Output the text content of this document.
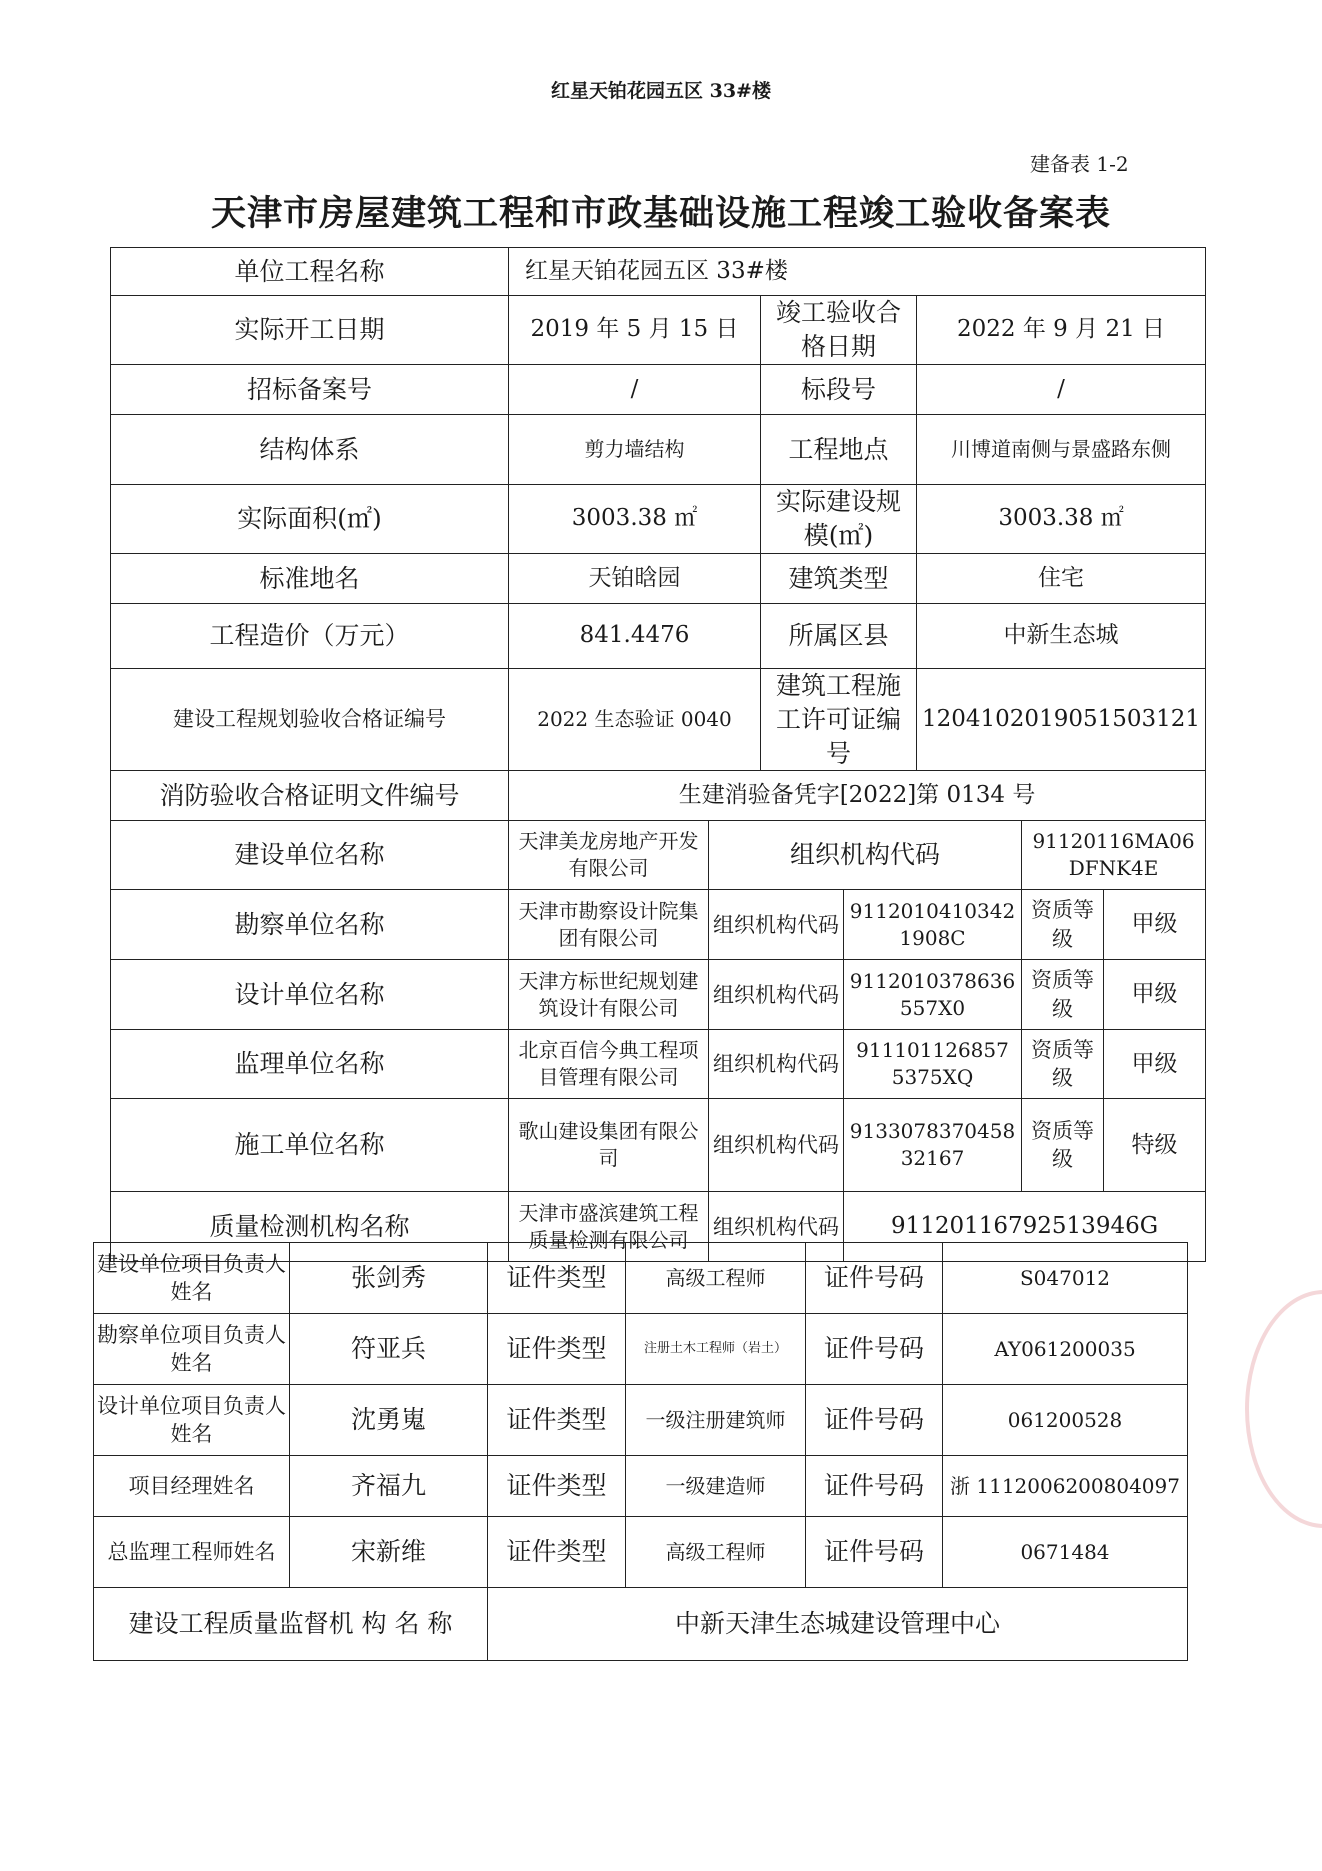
红星天铂花园五区 33#楼
建备表 1-2
天津市房屋建筑工程和市政基础设施工程竣工验收备案表
单位工程名称	红星天铂花园五区 33#楼						
实际开工日期	2019 年 5 月 15 日		竣工验收合格日期		2022 年 9 月 21 日		
招标备案号	/		标段号		/		
结构体系	剪力墙结构		工程地点		川博道南侧与景盛路东侧		
实际面积(㎡)	3003.38 ㎡		实际建设规模(㎡)		3003.38 ㎡		
标准地名	天铂晗园		建筑类型		住宅		
工程造价（万元）	841.4476		所属区县		中新生态城		
建设工程规划验收合格证编号	2022 生态验证 0040		建筑工程施工许可证编号		120410201905150312​1		
消防验收合格证明文件编号	生建消验备凭字[2022]第 0134 号						
建设单位名称	天津美龙房地产开发有限公司	组织机构代码				91120116MA06DFNK4E	
勘察单位名称	天津市勘察设计院集团有限公司	组织机构代码		91120104103421908C		资质等级	甲级
设计单位名称	天津方标世纪规划建筑设计有限公司	组织机构代码		9112010378636557X0		资质等级	甲级
监理单位名称	北京百信今典工程项目管理有限公司	组织机构代码		911101126857 5375XQ		资质等级	甲级
施工单位名称	歌山建设集团有限公司	组织机构代码		913307837045832167		资质等级	特级
质量检测机构名称	天津市盛滨建筑工程质量检测有限公司	组织机构代码		91120116792513946G			
建设单位项目负责人姓名	张剑秀	证件类型	高级工程师	证件号码	S047012
勘察单位项目负责人姓名	符亚兵	证件类型	注册土木工程师（岩土）	证件号码	AY061200035
设计单位项目负责人姓名	沈勇嵬	证件类型	一级注册建筑师	证件号码	061200528
项目经理姓名	齐福九	证件类型	一级建造师	证件号码	浙 1112006200804097
总监理工程师姓名	宋新维	证件类型	高级工程师	证件号码	0671484
建设工程质量监督机 构 名 称		中新天津生态城建设管理中心			
